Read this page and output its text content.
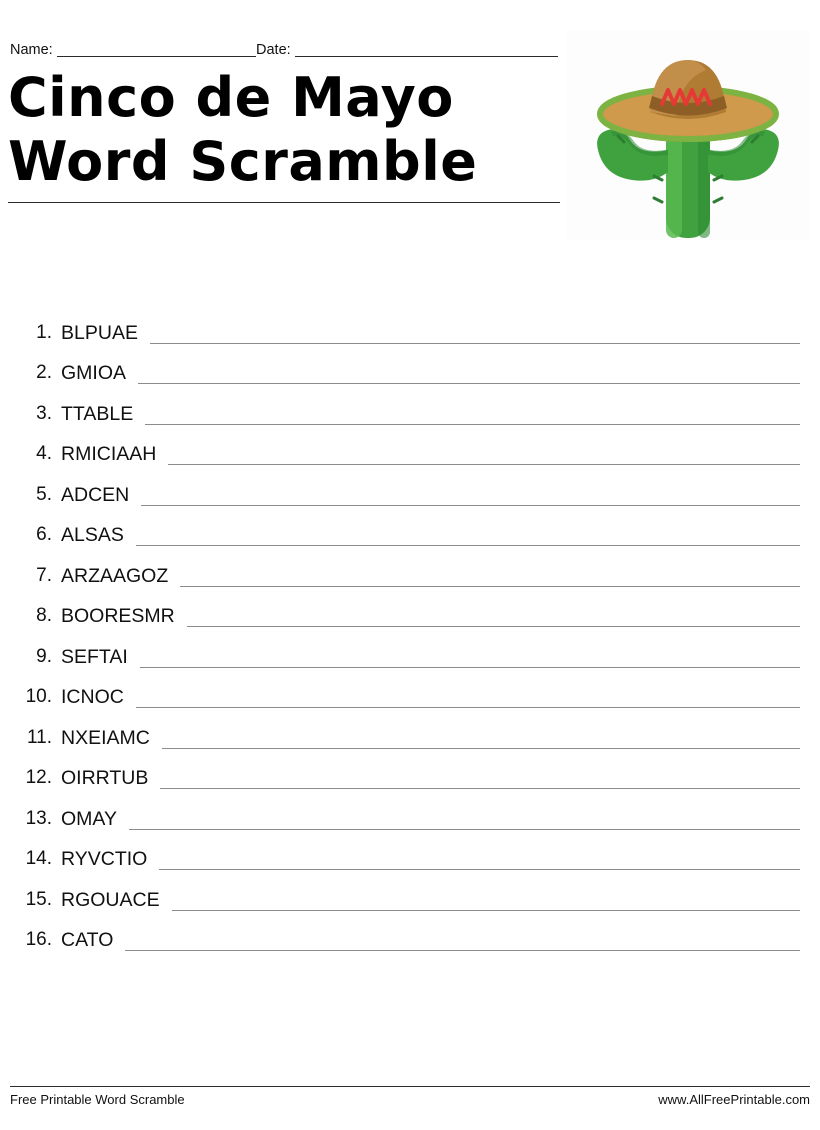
Name:	Date:
Cinco de Mayo
Word Scramble
1. BLPUAE
2. GMIOA
3. TTABLE
4. RMICIAAH
5. ADCEN
6. ALSAS
7. ARZAAGOZ
8. BOORESMR
9. SEFTAI
10. ICNOC
11. NXEIAMC
12. OIRRTUB
13. OMAY
14. RYVCTIO
15. RGOUACE
16. CATO
Free Printable Word Scramble	www.AllFreePrintable.com
